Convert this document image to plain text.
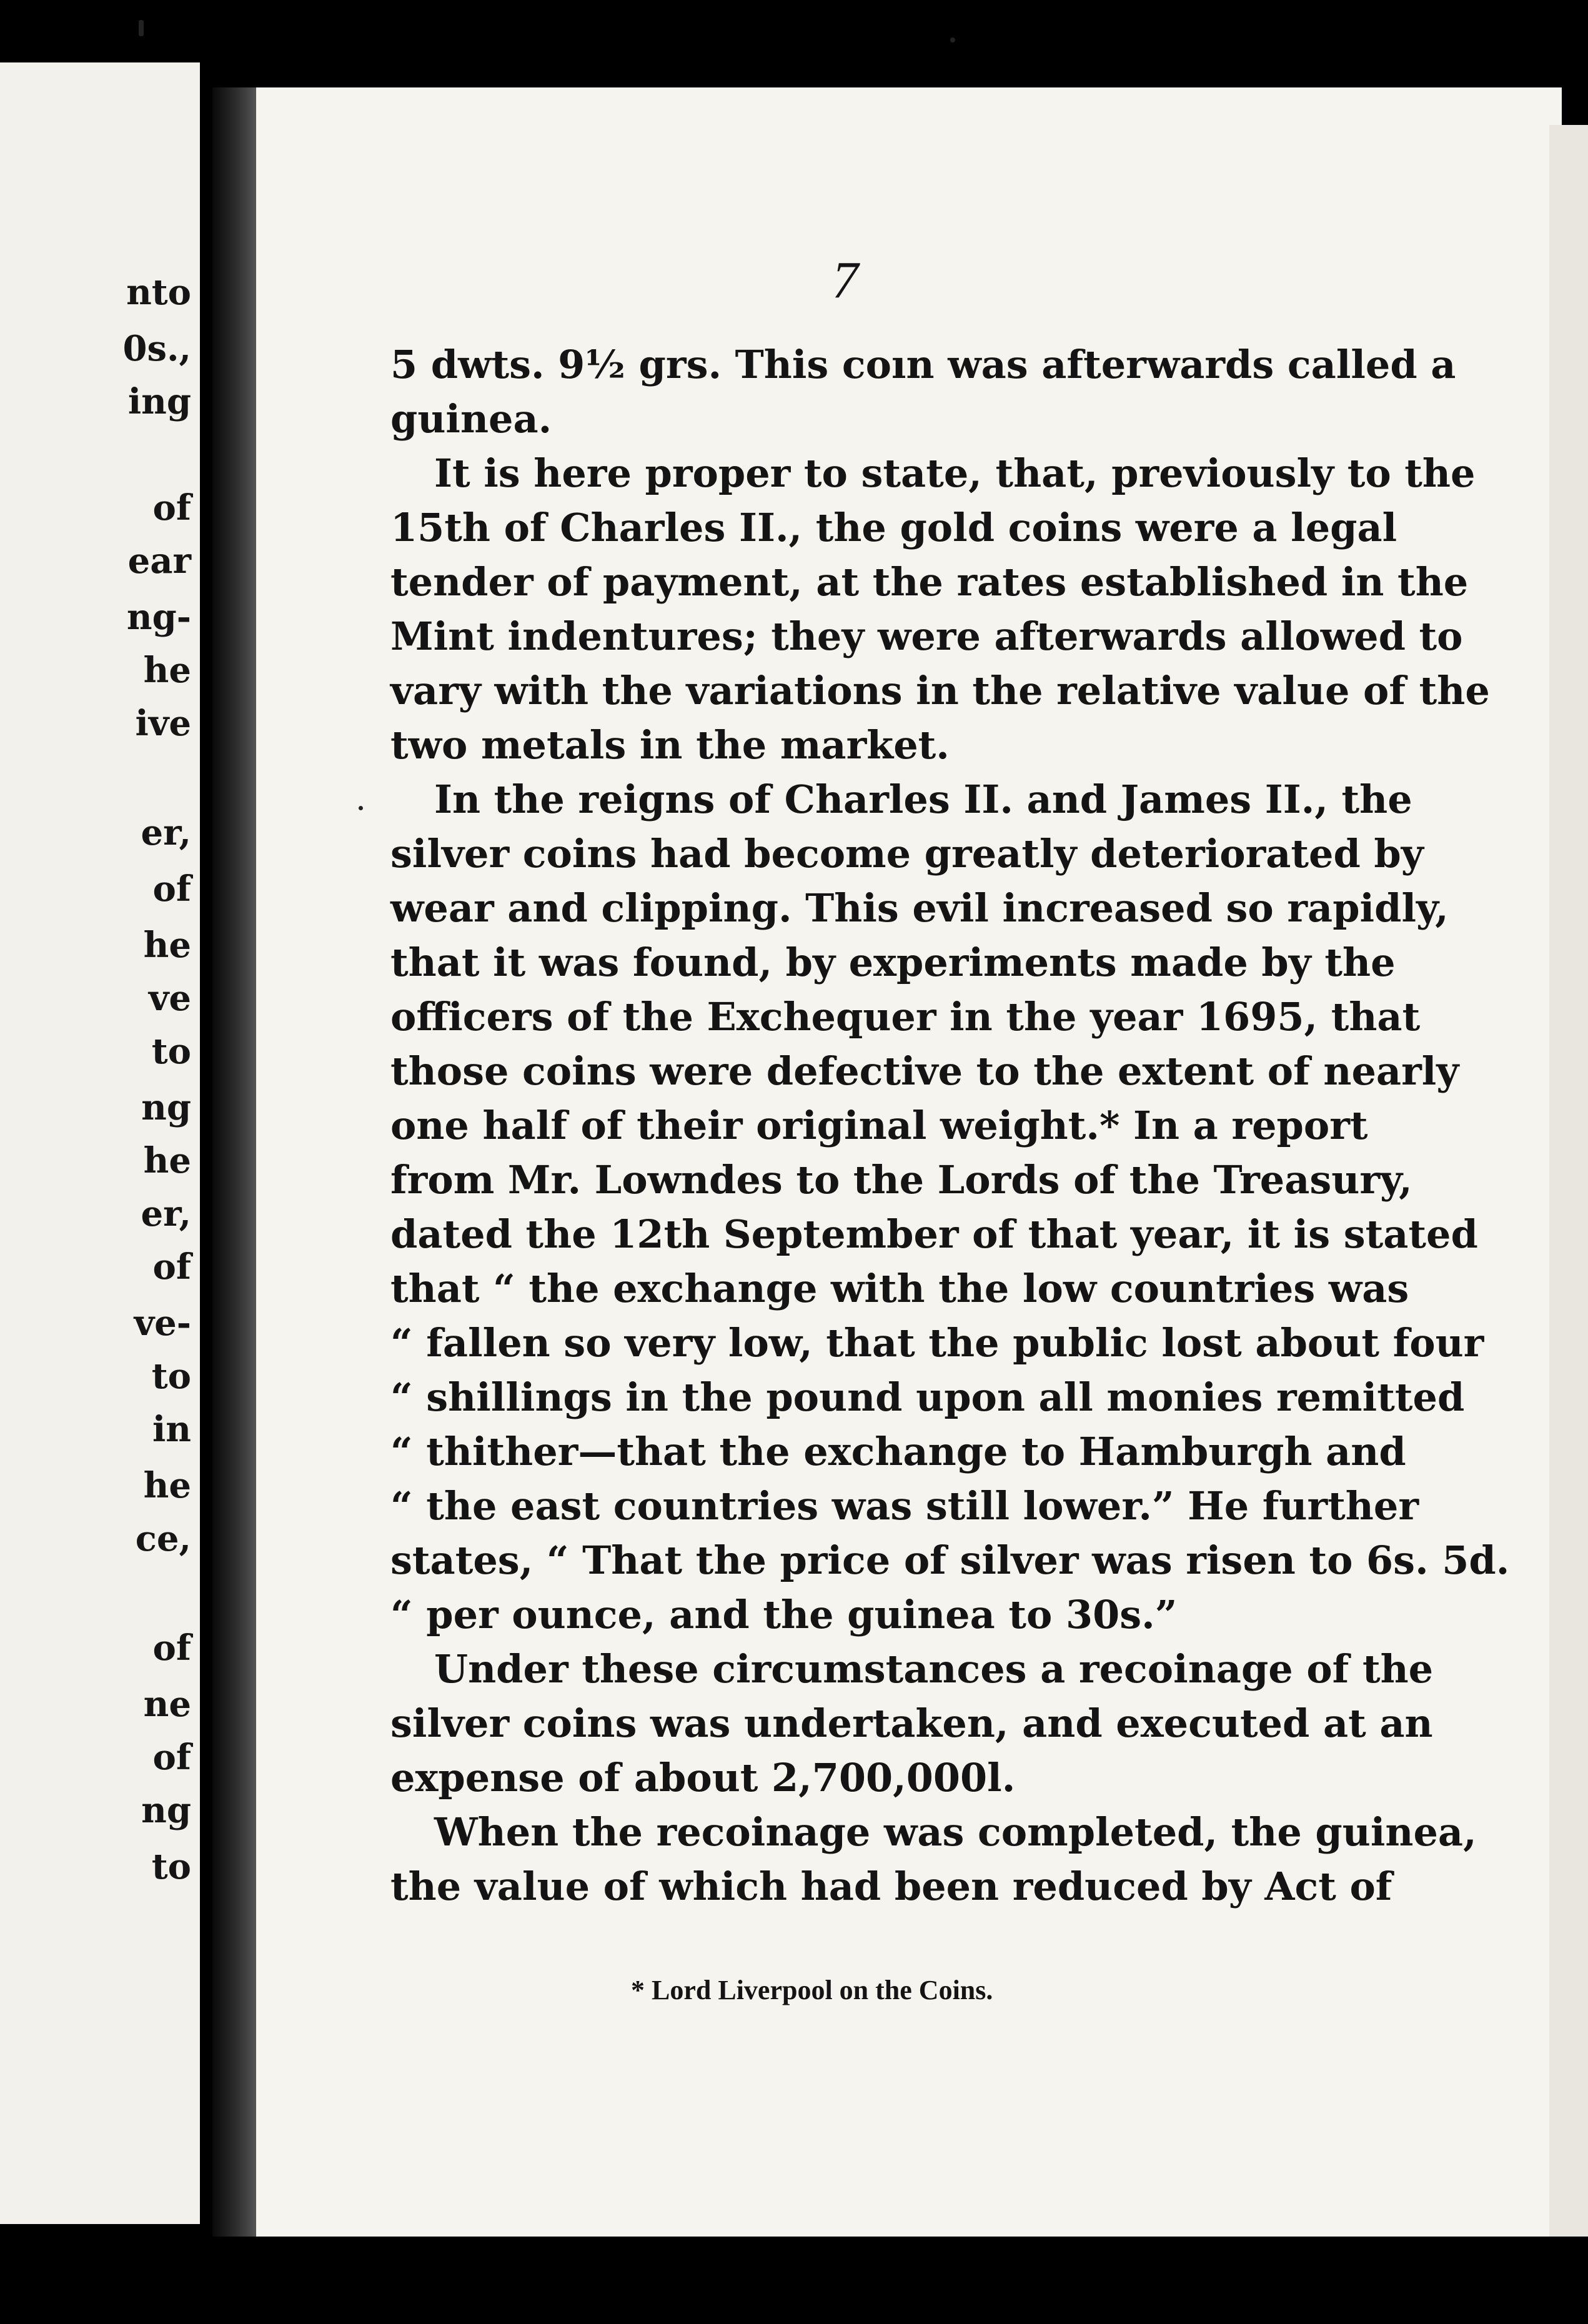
nto
0s.,
ing
of
ear
ng-
he
ive
er,
of
he
ve
to
ng
he
er,
of
ve-
to
in
he
ce,
of
ne
of
ng
to
7
5 dwts. 9½ grs. This coın was afterwards called a
guinea.
It is here proper to state, that, previously to the
15th of Charles II., the gold coins were a legal
tender of payment, at the rates established in the
Mint indentures; they were afterwards allowed to
vary with the variations in the relative value of the
two metals in the market.
In the reigns of Charles II. and James II., the
silver coins had become greatly deteriorated by
wear and clipping. This evil increased so rapidly,
that it was found, by experiments made by the
officers of the Exchequer in the year 1695, that
those coins were defective to the extent of nearly
one half of their original weight.* In a report
from Mr. Lowndes to the Lords of the Treasury,
dated the 12th September of that year, it is stated
that “ the exchange with the low countries was
“ fallen so very low, that the public lost about four
“ shillings in the pound upon all monies remitted
“ thither—that the exchange to Hamburgh and
“ the east countries was still lower.” He further
states, “ That the price of silver was risen to 6s. 5d.
“ per ounce, and the guinea to 30s.”
Under these circumstances a recoinage of the
silver coins was undertaken, and executed at an
expense of about 2,700,000l.
When the recoinage was completed, the guinea,
the value of which had been reduced by Act of
* Lord Liverpool on the Coins.
